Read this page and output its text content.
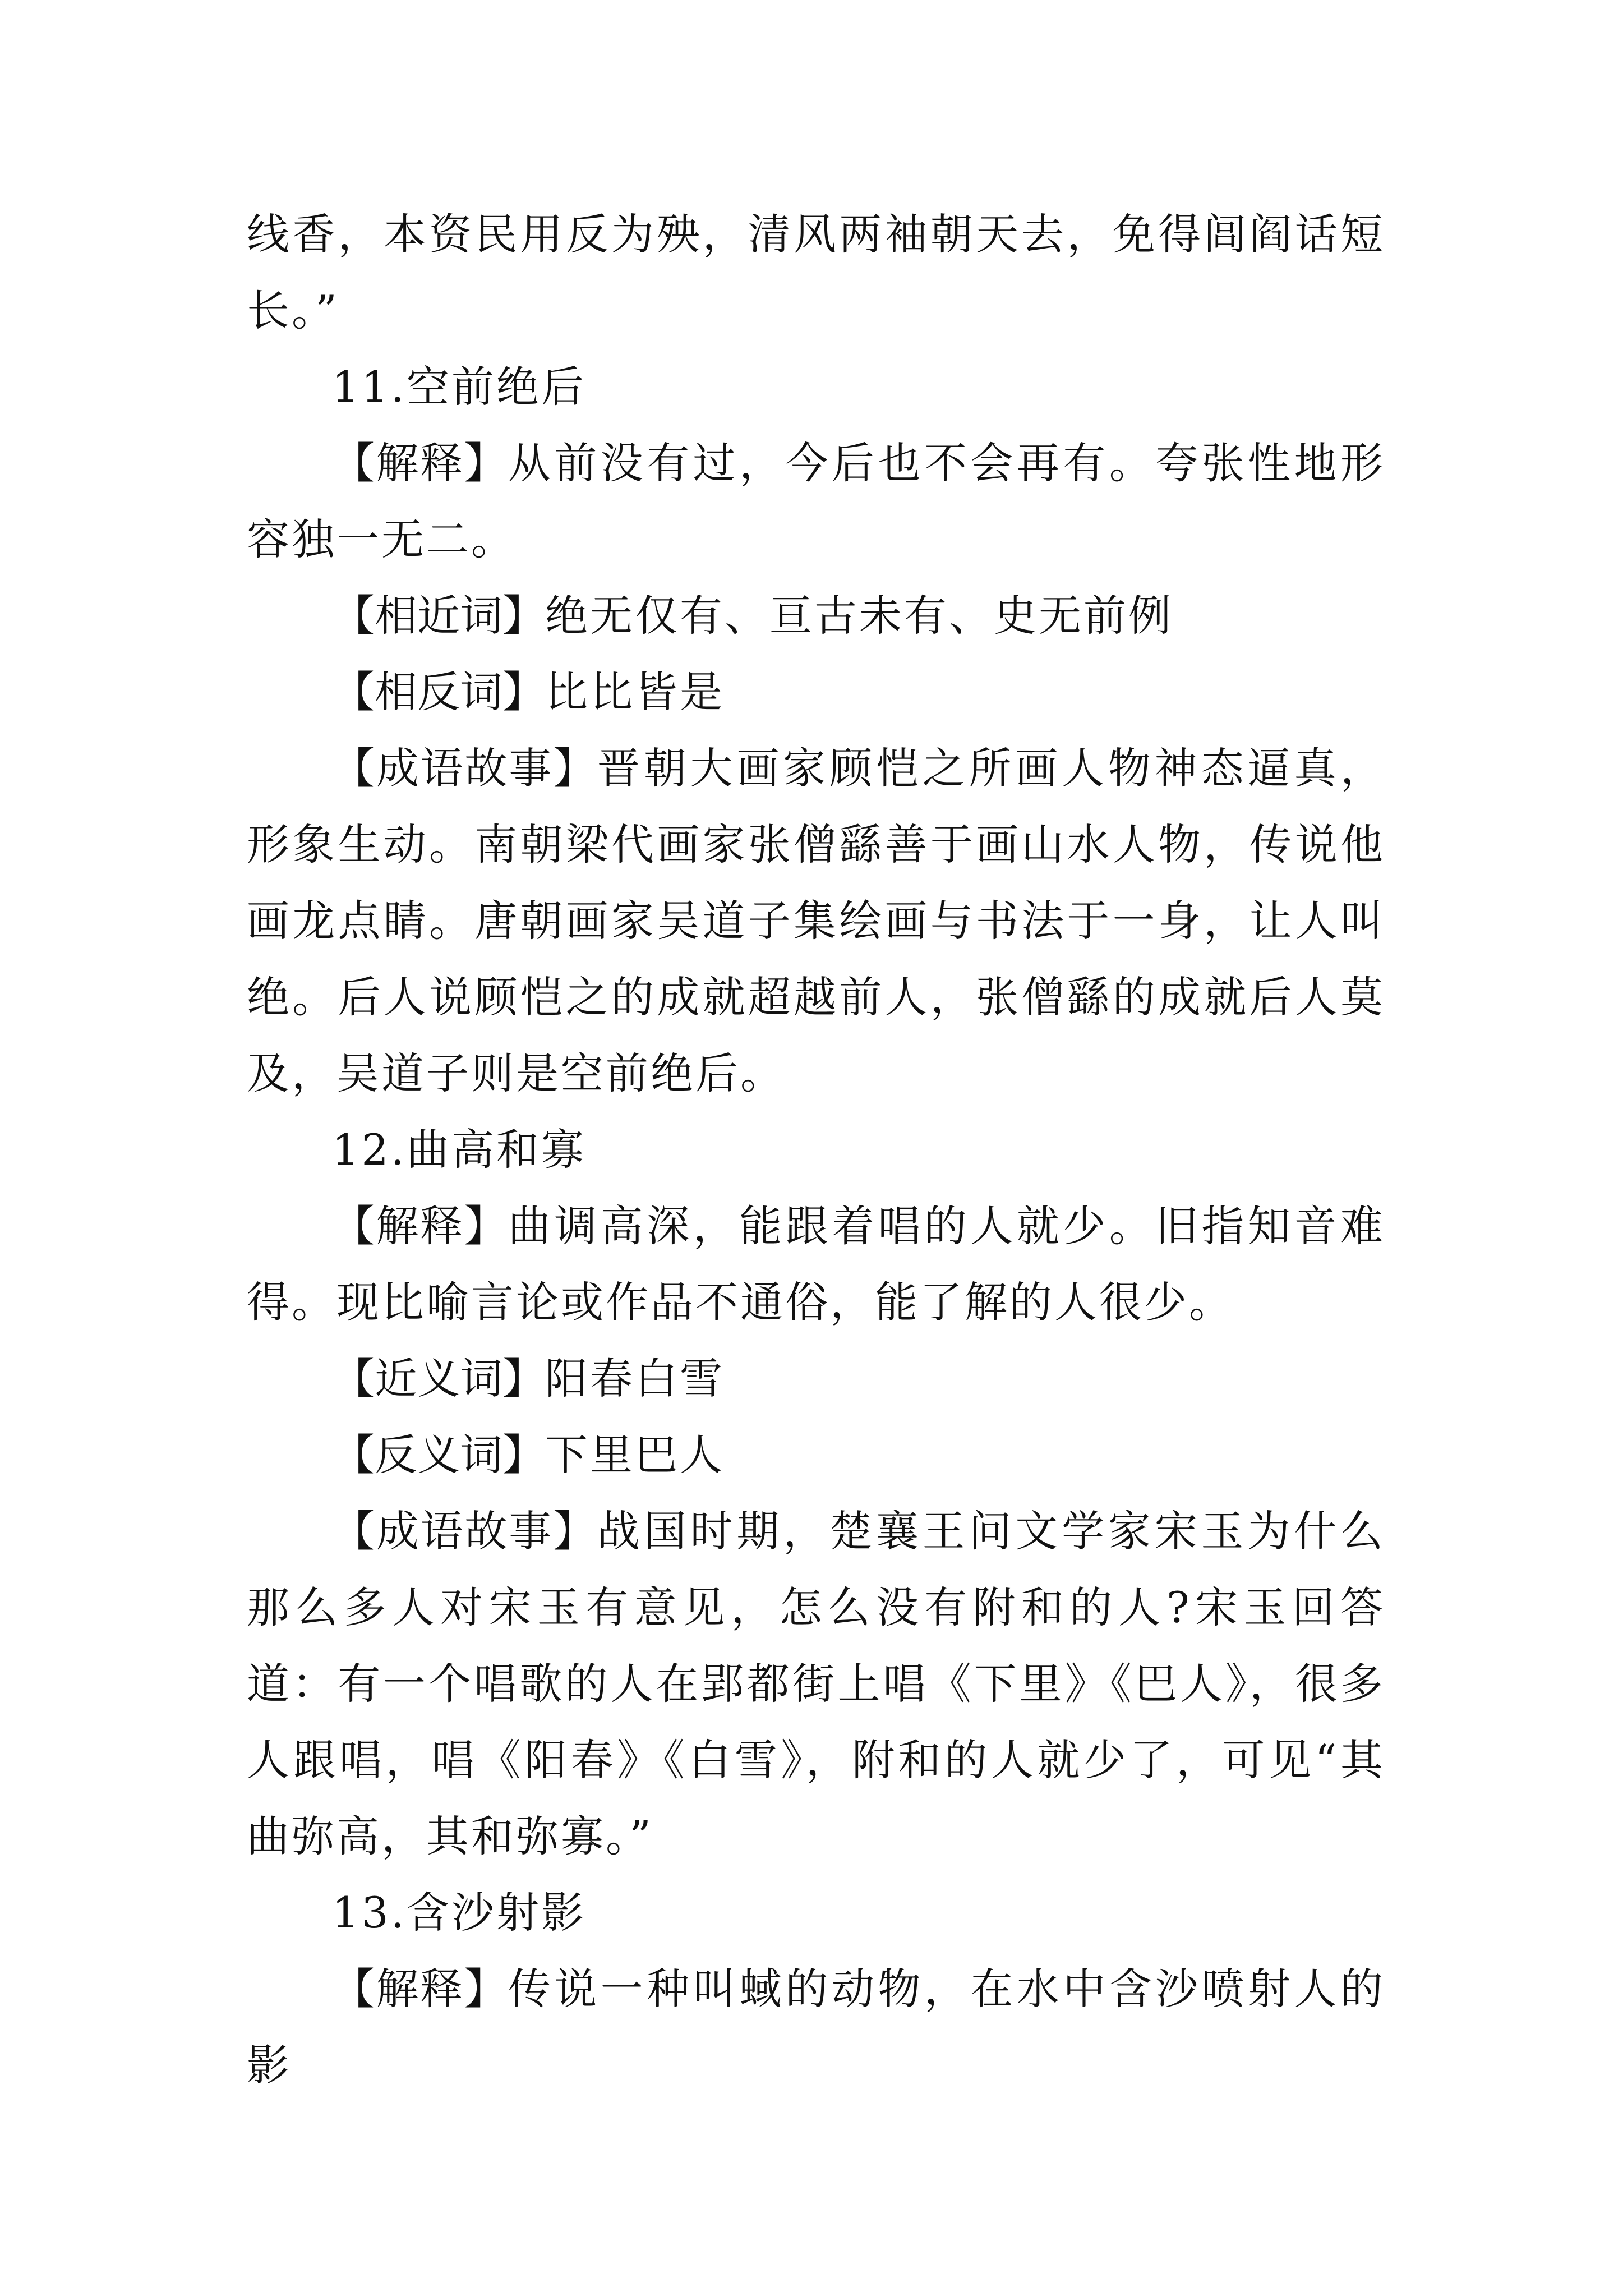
线香，本资民用反为殃，清风两袖朝天去，免得闾阎话短长。”

11.空前绝后

【解释】从前没有过，今后也不会再有。夸张性地形容独一无二。

【相近词】绝无仅有、亘古未有、史无前例

【相反词】比比皆是

【成语故事】晋朝大画家顾恺之所画人物神态逼真，形象生动。南朝梁代画家张僧繇善于画山水人物，传说他画龙点睛。唐朝画家吴道子集绘画与书法于一身，让人叫绝。后人说顾恺之的成就超越前人，张僧繇的成就后人莫及，吴道子则是空前绝后。

12.曲高和寡

【解释】曲调高深，能跟着唱的人就少。旧指知音难得。现比喻言论或作品不通俗，能了解的人很少。

【近义词】阳春白雪

【反义词】下里巴人

【成语故事】战国时期，楚襄王问文学家宋玉为什么那么多人对宋玉有意见，怎么没有附和的人?宋玉回答道：有一个唱歌的人在郢都街上唱《下里》《巴人》，很多人跟唱，唱《阳春》《白雪》，附和的人就少了，可见“其曲弥高，其和弥寡。”

13.含沙射影

【解释】传说一种叫蜮的动物，在水中含沙喷射人的影
